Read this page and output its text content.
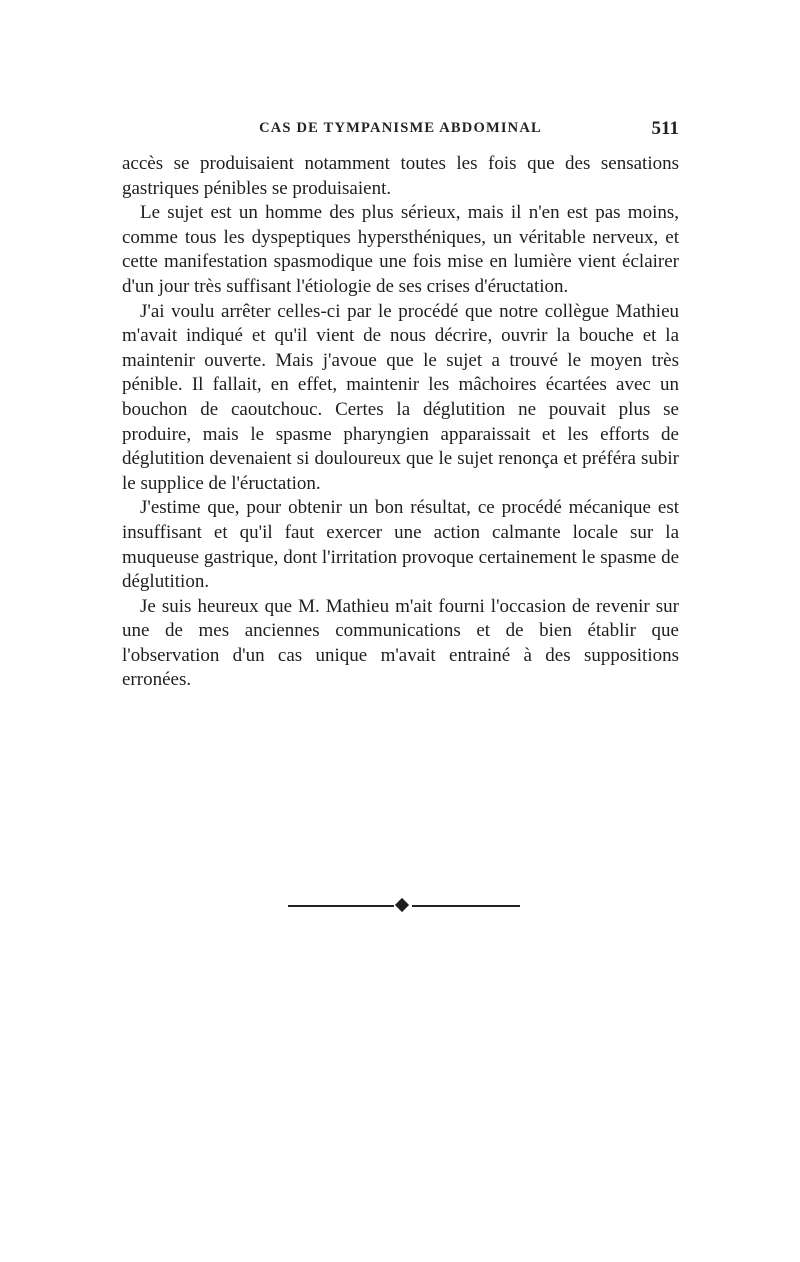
CAS DE TYMPANISME ABDOMINAL	511

accès se produisaient notamment toutes les fois que des sensations gastriques pénibles se produisaient.

Le sujet est un homme des plus sérieux, mais il n'en est pas moins, comme tous les dyspeptiques hypersthéniques, un véritable nerveux, et cette manifestation spasmodique une fois mise en lumière vient éclairer d'un jour très suffisant l'étiologie de ses crises d'éructation.

J'ai voulu arrêter celles-ci par le procédé que notre collègue Mathieu m'avait indiqué et qu'il vient de nous décrire, ouvrir la bouche et la maintenir ouverte. Mais j'avoue que le sujet a trouvé le moyen très pénible. Il fallait, en effet, maintenir les mâchoires écartées avec un bouchon de caoutchouc. Certes la déglutition ne pouvait plus se produire, mais le spasme pharyngien apparaissait et les efforts de déglutition devenaient si douloureux que le sujet renonça et préféra subir le supplice de l'éructation.

J'estime que, pour obtenir un bon résultat, ce procédé mécanique est insuffisant et qu'il faut exercer une action calmante locale sur la muqueuse gastrique, dont l'irritation provoque certainement le spasme de déglutition.

Je suis heureux que M. Mathieu m'ait fourni l'occasion de revenir sur une de mes anciennes communications et de bien établir que l'observation d'un cas unique m'avait entrainé à des suppositions erronées.
